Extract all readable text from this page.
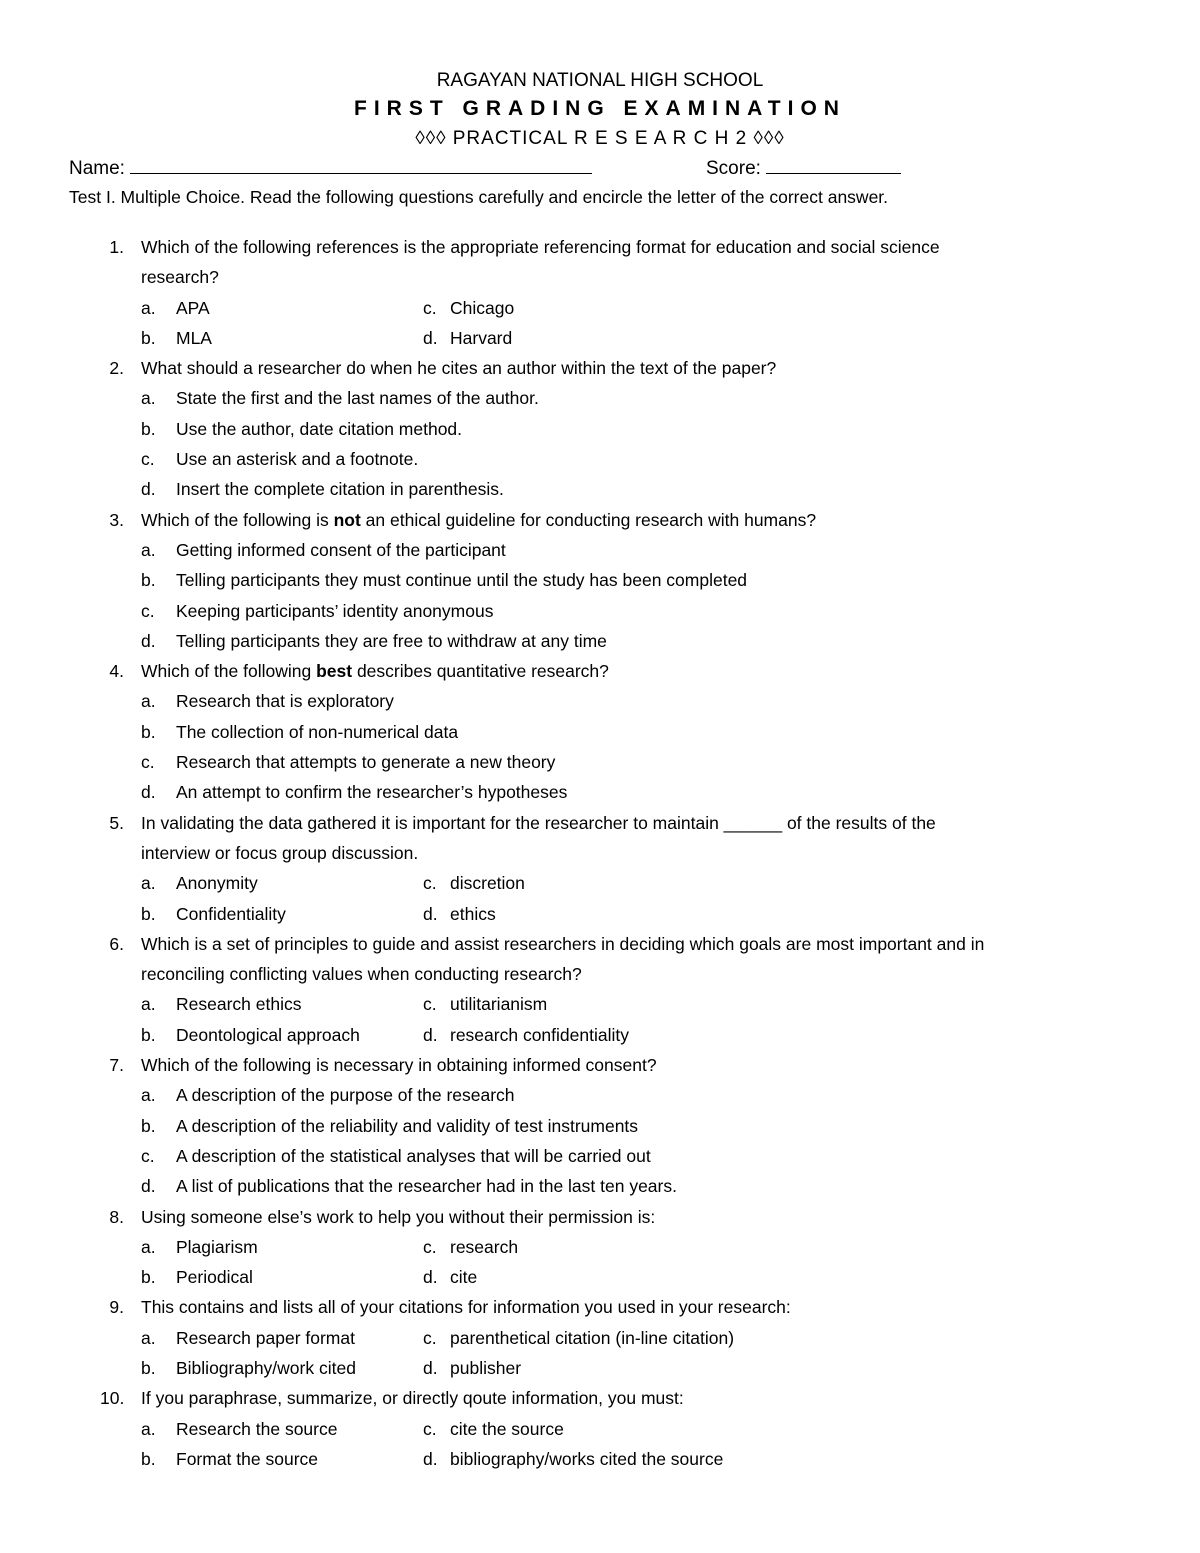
RAGAYAN NATIONAL HIGH SCHOOL
FIRST GRADING EXAMINATION
◊◊◊ PRACTICAL R E S E A R C H 2 ◊◊◊
Name:	Score:
Test I. Multiple Choice. Read the following questions carefully and encircle the letter of the correct answer.
1. Which of the following references is the appropriate referencing format for education and social science
research?
a. APA	c. Chicago
b. MLA	d. Harvard
2. What should a researcher do when he cites an author within the text of the paper?
a. State the first and the last names of the author.
b. Use the author, date citation method.
c. Use an asterisk and a footnote.
d. Insert the complete citation in parenthesis.
3. Which of the following is not an ethical guideline for conducting research with humans?
a. Getting informed consent of the participant
b. Telling participants they must continue until the study has been completed
c. Keeping participants’ identity anonymous
d. Telling participants they are free to withdraw at any time
4. Which of the following best describes quantitative research?
a. Research that is exploratory
b. The collection of non-numerical data
c. Research that attempts to generate a new theory
d. An attempt to confirm the researcher’s hypotheses
5. In validating the data gathered it is important for the researcher to maintain ______ of the results of the
interview or focus group discussion.
a. Anonymity	c. discretion
b. Confidentiality	d. ethics
6. Which is a set of principles to guide and assist researchers in deciding which goals are most important and in
reconciling conflicting values when conducting research?
a. Research ethics	c. utilitarianism
b. Deontological approach	d. research confidentiality
7. Which of the following is necessary in obtaining informed consent?
a. A description of the purpose of the research
b. A description of the reliability and validity of test instruments
c. A description of the statistical analyses that will be carried out
d. A list of publications that the researcher had in the last ten years.
8. Using someone else’s work to help you without their permission is:
a. Plagiarism	c. research
b. Periodical	d. cite
9. This contains and lists all of your citations for information you used in your research:
a. Research paper format	c. parenthetical citation (in-line citation)
b. Bibliography/work cited	d. publisher
10. If you paraphrase, summarize, or directly qoute information, you must:
a. Research the source	c. cite the source
b. Format the source	d. bibliography/works cited the source
